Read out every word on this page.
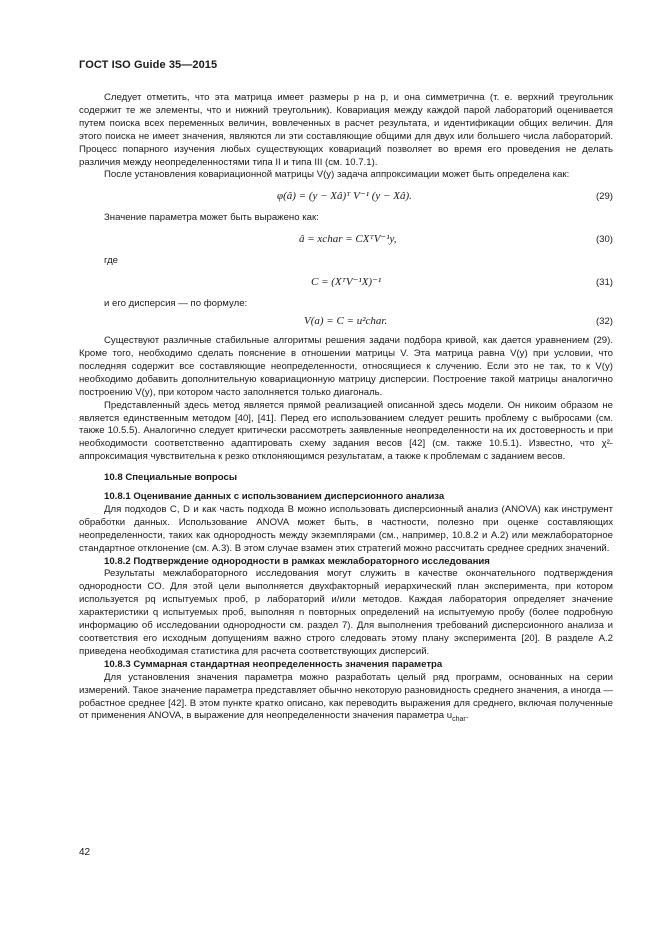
ГОСТ ISO Guide 35—2015

Следует отметить, что эта матрица имеет размеры p на p, и она симметрична (т. е. верхний треугольник содержит те же элементы, что и нижний треугольник). Ковариация между каждой парой лабораторий оценивается путем поиска всех переменных величин, вовлеченных в расчет результата, и идентификации общих величин. Для этого поиска не имеет значения, являются ли эти составляющие общими для двух или большего числа лабораторий. Процесс попарного изучения любых существующих ковариаций позволяет во время его проведения не делать различия между неопределенностями типа II и типа III (см. 10.7.1).

После установления ковариационной матрицы V(y) задача аппроксимации может быть определена как:

φ(â) = (y − Xâ)ᵀ V⁻¹ (y − Xâ).	(29)

Значение параметра может быть выражено как:

â = xchar = CXᵀV⁻¹y,	(30)

где

C = (XᵀV⁻¹X)⁻¹	(31)

и его дисперсия — по формуле:

V(a) = C = u²char.	(32)

Существуют различные стабильные алгоритмы решения задачи подбора кривой, как дается уравнением (29). Кроме того, необходимо сделать пояснение в отношении матрицы V. Эта матрица равна V(y) при условии, что последняя содержит все составляющие неопределенности, относящиеся к случению. Если это не так, то к V(y) необходимо добавить дополнительную ковариационную матрицу дисперсии. Построение такой матрицы аналогично построению V(y), при котором часто заполняется только диагональ.

Представленный здесь метод является прямой реализацией описанной здесь модели. Он никоим образом не является единственным методом [40], [41]. Перед его использованием следует решить проблему c выбросами (см. также 10.5.5). Аналогично следует критически рассмотреть заявленные неопределенности на их достоверность и при необходимости соответственно адаптировать схему задания весов [42] (см. также 10.5.1). Известно, что χ²-аппроксимация чувствительна к резко отклоняющимся результатам, а также к проблемам c заданием весов.

10.8 Специальные вопросы

10.8.1 Оценивание данных с использованием дисперсионного анализа

Для подходов C, D и как часть подхода B можно использовать дисперсионный анализ (ANOVA) как инструмент обработки данных. Использование ANOVA может быть, в частности, полезно при оценке составляющих неопределенности, таких как однородность между экземплярами (см., например, 10.8.2 и A.2) или межлабораторное стандартное отклонение (см. A.3). В этом случае взамен этих стратегий можно рассчитать среднее средних значений.

10.8.2 Подтверждение однородности в рамках межлабораторного исследования

Результаты межлабораторного исследования могут служить в качестве окончательного подтверждения однородности CO. Для этой цели выполняется двухфакторный иерархический план эксперимента, при котором используется pq испытуемых проб, p лабораторий и/или методов. Каждая лаборатория определяет значение характеристики q испытуемых проб, выполняя n повторных определений на испытуемую пробу (более подробную информацию об исследовании однородности см. раздел 7). Для выполнения требований дисперсионного анализа и соответствия его исходным допущениям важно строго следовать этому плану эксперимента [20]. В разделе A.2 приведена необходимая статистика для расчета соответствующих дисперсий.

10.8.3 Суммарная стандартная неопределенность значения параметра

Для установления значения параметра можно разработать целый ряд программ, основанных на серии измерений. Такое значение параметра представляет обычно некоторую разновидность среднего значения, а иногда — робастное среднее [42]. В этом пункте кратко описано, как переводить выражения для среднего, включая полученные от применения ANOVA, в выражение для неопределенности значения параметра $u_{char}$.

42
